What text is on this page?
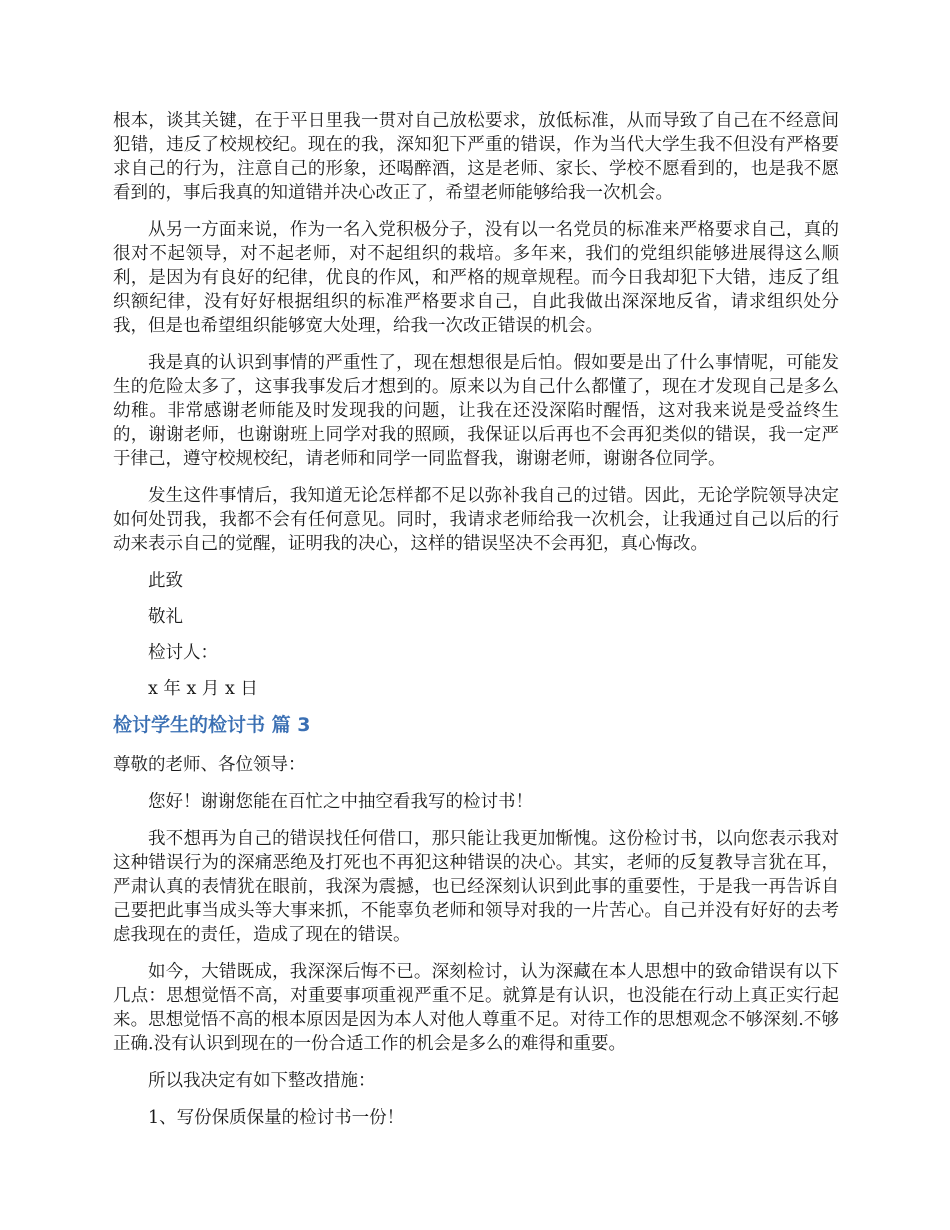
根本，谈其关键，在于平日里我一贯对自己放松要求，放低标准，从而导致了自己在不经意间犯错，违反了校规校纪。现在的我，深知犯下严重的错误，作为当代大学生我不但没有严格要求自己的行为，注意自己的形象，还喝醉酒，这是老师、家长、学校不愿看到的，也是我不愿看到的，事后我真的知道错并决心改正了，希望老师能够给我一次机会。

从另一方面来说，作为一名入党积极分子，没有以一名党员的标准来严格要求自己，真的很对不起领导，对不起老师，对不起组织的栽培。多年来，我们的党组织能够进展得这么顺利，是因为有良好的纪律，优良的作风，和严格的规章规程。而今日我却犯下大错，违反了组织额纪律，没有好好根据组织的标准严格要求自己，自此我做出深深地反省，请求组织处分我，但是也希望组织能够宽大处理，给我一次改正错误的机会。

我是真的认识到事情的严重性了，现在想想很是后怕。假如要是出了什么事情呢，可能发生的危险太多了，这事我事发后才想到的。原来以为自己什么都懂了，现在才发现自己是多么幼稚。非常感谢老师能及时发现我的问题，让我在还没深陷时醒悟，这对我来说是受益终生的，谢谢老师，也谢谢班上同学对我的照顾，我保证以后再也不会再犯类似的错误，我一定严于律己，遵守校规校纪，请老师和同学一同监督我，谢谢老师，谢谢各位同学。

发生这件事情后，我知道无论怎样都不足以弥补我自己的过错。因此，无论学院领导决定如何处罚我，我都不会有任何意见。同时，我请求老师给我一次机会，让我通过自己以后的行动来表示自己的觉醒，证明我的决心，这样的错误坚决不会再犯，真心悔改。

此致

敬礼

检讨人：

x 年 x 月 x 日

检讨学生的检讨书 篇 3

尊敬的老师、各位领导：

您好！谢谢您能在百忙之中抽空看我写的检讨书！

我不想再为自己的错误找任何借口，那只能让我更加惭愧。这份检讨书，以向您表示我对这种错误行为的深痛恶绝及打死也不再犯这种错误的决心。其实，老师的反复教导言犹在耳，严肃认真的表情犹在眼前，我深为震撼，也已经深刻认识到此事的重要性，于是我一再告诉自己要把此事当成头等大事来抓，不能辜负老师和领导对我的一片苦心。自己并没有好好的去考虑我现在的责任，造成了现在的错误。

如今，大错既成，我深深后悔不已。深刻检讨，认为深藏在本人思想中的致命错误有以下几点：思想觉悟不高，对重要事项重视严重不足。就算是有认识，也没能在行动上真正实行起来。思想觉悟不高的根本原因是因为本人对他人尊重不足。对待工作的思想观念不够深刻.不够正确.没有认识到现在的一份合适工作的机会是多么的难得和重要。

所以我决定有如下整改措施：

1、写份保质保量的检讨书一份！
